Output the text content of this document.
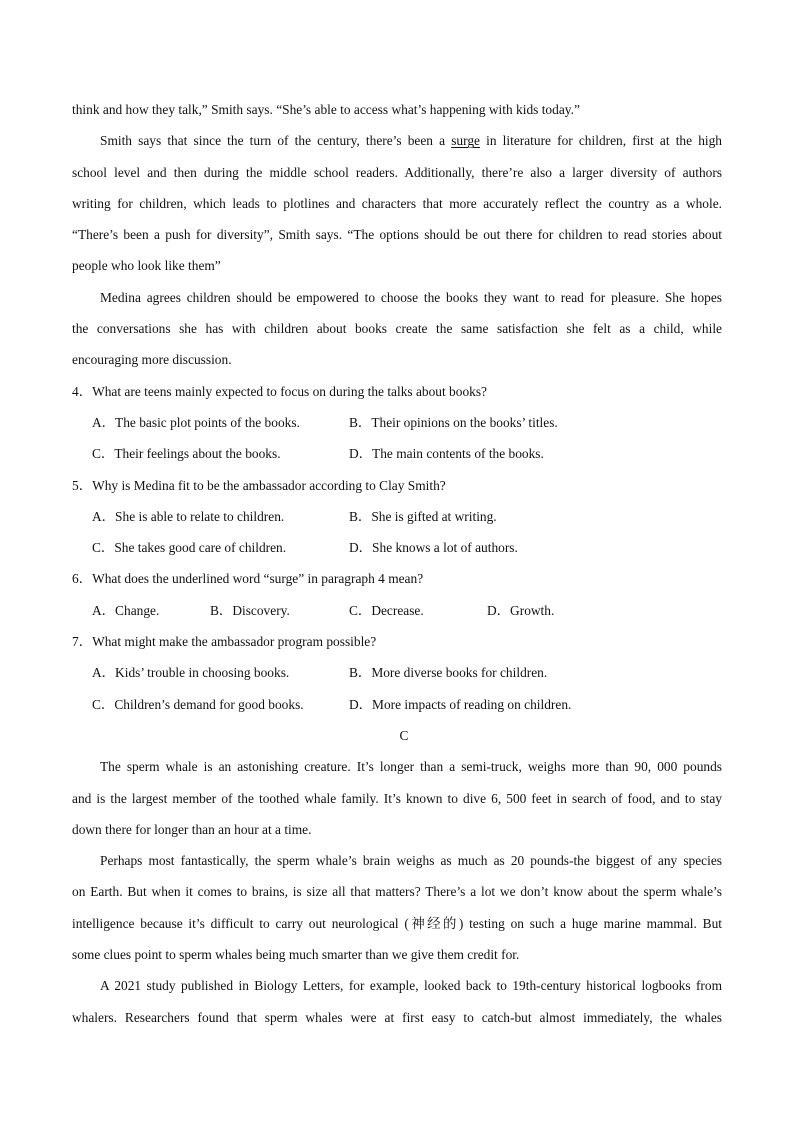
think and how they talk,” Smith says. “She’s able to access what’s happening with kids today.”
Smith says that since the turn of the century, there’s been a surge in literature for children, first at the high
school level and then during the middle school readers. Additionally, there’re also a larger diversity of authors
writing for children, which leads to plotlines and characters that more accurately reflect the country as a whole.
“There’s been a push for diversity”, Smith says. “The options should be out there for children to read stories about
people who look like them”
Medina agrees children should be empowered to choose the books they want to read for pleasure. She hopes
the conversations she has with children about books create the same satisfaction she felt as a child, while
encouraging more discussion.
4．What are teens mainly expected to focus on during the talks about books?
A．The basic plot points of the books.	B．Their opinions on the books’ titles.
C．Their feelings about the books.	D．The main contents of the books.
5．Why is Medina fit to be the ambassador according to Clay Smith?
A．She is able to relate to children.	B．She is gifted at writing.
C．She takes good care of children.	D．She knows a lot of authors.
6．What does the underlined word “surge” in paragraph 4 mean?
A．Change.	B．Discovery.	C．Decrease.	D．Growth.
7．What might make the ambassador program possible?
A．Kids’ trouble in choosing books.	B．More diverse books for children.
C．Children’s demand for good books.	D．More impacts of reading on children.
C
The sperm whale is an astonishing creature. It’s longer than a semi-truck, weighs more than 90, 000 pounds
and is the largest member of the toothed whale family. It’s known to dive 6, 500 feet in search of food, and to stay
down there for longer than an hour at a time.
Perhaps most fantastically, the sperm whale’s brain weighs as much as 20 pounds-the biggest of any species
on Earth. But when it comes to brains, is size all that matters? There’s a lot we don’t know about the sperm whale’s
intelligence because it’s difficult to carry out neurological (神经的) testing on such a huge marine mammal. But
some clues point to sperm whales being much smarter than we give them credit for.
A 2021 study published in Biology Letters, for example, looked back to 19th-century historical logbooks from
whalers. Researchers found that sperm whales were at first easy to catch-but almost immediately, the whales
